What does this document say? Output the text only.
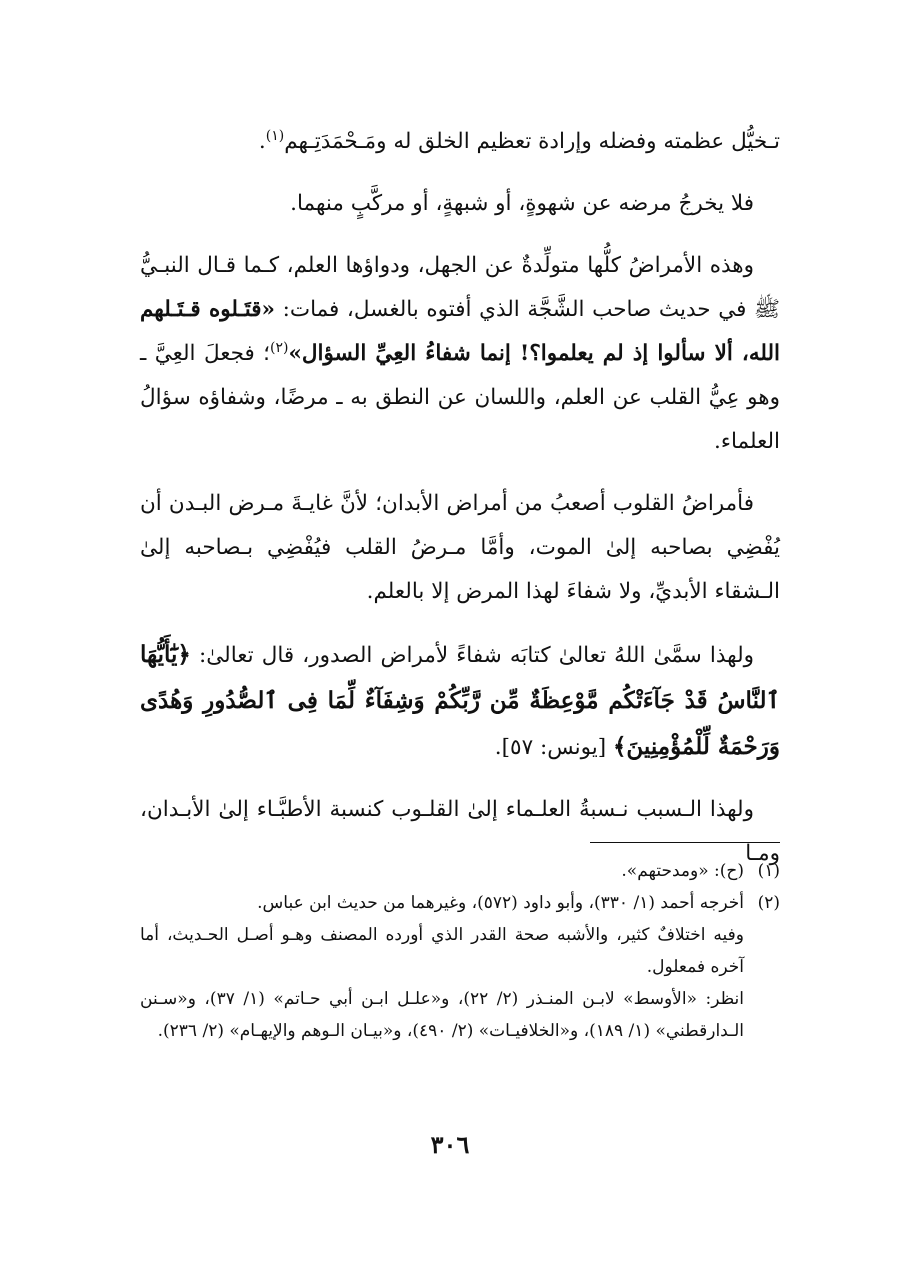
تـخيُّل عظمته وفضله وإرادة تعظيم الخلق له ومَـحْمَدَتِـهم$^{(١)}$.

فلا يخرجُ مرضه عن شهوةٍ، أو شبهةٍ، أو مركَّبٍ منهما.

وهذه الأمراضُ كلُّها متولِّدةٌ عن الجهل، ودواؤها العلم، كـما قـال النبـيُّ ﷺ في حديث صاحب الشَّجَّة الذي أفتوه بالغسل، فمات: «قتَـلوه قـتَـلهم الله، ألا سألوا إذ لم يعلموا؟! إنما شفاءُ العِيِّ السؤال»$^{(٢)}$؛ فجعلَ العِيَّ ـ وهو عِيُّ القلب عن العلم، واللسان عن النطق به ـ مرضًا، وشفاؤه سؤالُ العلماء.

فأمراضُ القلوب أصعبُ من أمراض الأبدان؛ لأنَّ غايـةَ مـرض البـدن أن يُفْضِي بصاحبه إلىٰ الموت، وأمَّا مـرضُ القلب فيُفْضِي بـصاحبه إلىٰ الـشقاء الأبديِّ، ولا شفاءَ لهذا المرض إلا بالعلم.

ولهذا سمَّىٰ اللهُ تعالىٰ كتابَه شفاءً لأمراض الصدور، قال تعالىٰ: ﴿يَٰٓأَيُّهَا ٱلنَّاسُ قَدْ جَآءَتْكُم مَّوْعِظَةٌ مِّن رَّبِّكُمْ وَشِفَآءٌ لِّمَا فِى ٱلصُّدُورِ وَهُدًى وَرَحْمَةٌ لِّلْمُؤْمِنِينَ﴾ [يونس: ٥٧].

ولهذا الـسبب نـسبةُ العلـماء إلىٰ القلـوب كنسبة الأطبَّـاء إلىٰ الأبـدان، ومـا

(١)
(ح): «ومدحتهم».
(٢)
أخرجه أحمد (١/ ٣٣٠)، وأبو داود (٥٧٢)، وغيرهما من حديث ابن عباس.
وفيه اختلافٌ كثير، والأشبه صحة القدر الذي أورده المصنف وهـو أصـل الحـديث، أما آخره فمعلول.
انظر: «الأوسط» لابـن المنـذر (٢/ ٢٢)، و«علـل ابـن أبي حـاتم» (١/ ٣٧)، و«سـنن الـدارقطني» (١/ ١٨٩)، و«الخلافيـات» (٢/ ٤٩٠)، و«بيـان الـوهم والإيهـام» (٢/ ٢٣٦).
٣٠٦
